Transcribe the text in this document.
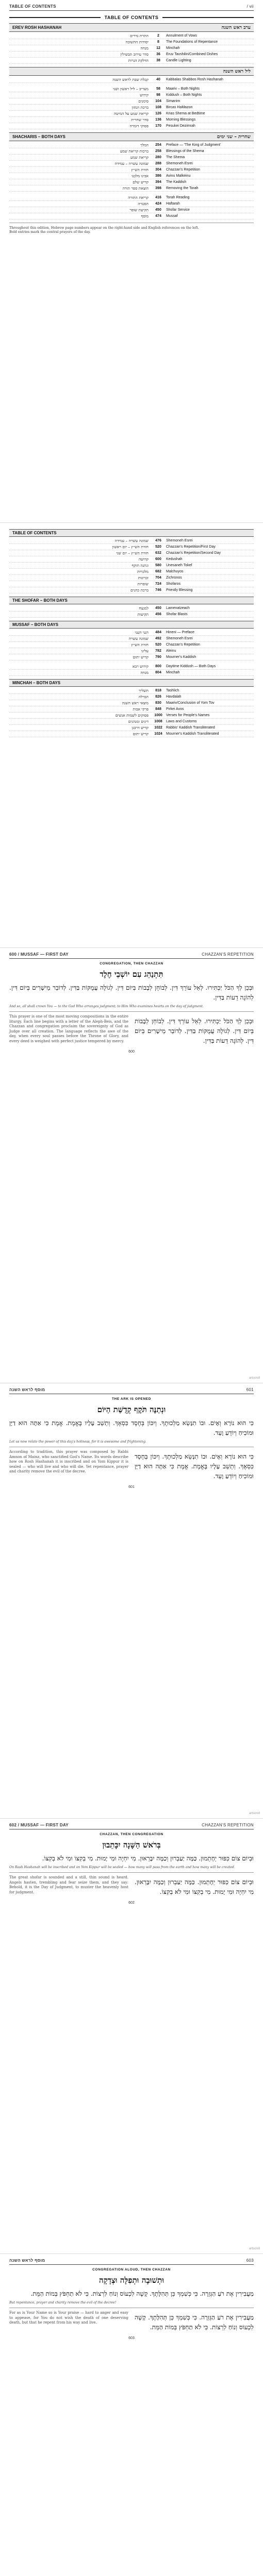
TABLE OF CONTENTS	/ vii
TABLE OF CONTENTS
EREV ROSH HASHANAH	ערב ראש השנה
התרת נדרים	2	Annulment of Vows
יסודות התשובה	8	The Foundations of Repentance
מנחה	12	Minchah
סדר עירוב תבשילין	36	Eruv Tavshilin/Combined Dishes
הדלקת הנרות	38	Candle Lighting
ליל ראש השנה
קבלת שבת לראש השנה	40	Kabbalas Shabbos Rosh Hashanah
מעריב – ליל ראשון ושני	58	Maariv – Both Nights
קידוש	98	Kiddush – Both Nights
סימנים	104	Simanim
ברכת המזון	108	Bircas HaMazon
קריאת שמע על המיטה	126	Krias Shema at Bedtime
סדר שחרית	136	Morning Blessings
פסוקי דזמרה	170	Pesukei Dezimrah
SHACHARIS – BOTH DAYS	שחרית – שני ימים
המלך	254	Preface — 'The King of Judgment'
ברכות קריאת שמע	258	Blessings of the Shema
קריאת שמע	280	The Shema
שמונה עשרה – עמידה	288	Shemoneh Esrei
חזרת הש״ץ	304	Chazzan's Repetition
אבינו מלכנו	386	Avinu Malkeinu
קדיש שלם	394	The Kaddish
הוצאת ספר תורה	398	Removing the Torah
קריאת התורה	416	Torah Reading
הפטרה	424	Haftarah
תקיעת שופר	450	Shofar Service
מוסף	474	Mussaf
Throughout this edition, Hebrew page numbers appear on the right-hand side and English references on the left.
Bold entries mark the central prayers of the day.
TABLE OF CONTENTS
שמונה עשרה – עמידה	476	Shemoneh Esrei
חזרת הש״ץ – יום ראשון	520	Chazzan's Repetition/First Day
חזרת הש״ץ – יום שני	632	Chazzan's Repetition/Second Day
קדושה	600	Kedushah
ונתנה תוקף	580	Unesaneh Tokef
מלכויות	682	Malchuyos
זכרונות	704	Zichronos
שופרות	724	Shofaros
ברכת כהנים	746	Priestly Blessing
THE SHOFAR – BOTH DAYS
למנצח	450	Lamenatzeach
תקיעות	456	Shofar Blasts
MUSSAF – BOTH DAYS
הנני העני	484	Hineni — Preface
שמונה עשרה	492	Shemoneh Esrei
חזרת הש״ץ	520	Chazzan's Repetition
עלינו	782	Aleinu
קדיש יתום	790	Mourner's Kaddish
קידוש רבא	800	Daytime Kiddush — Both Days
מנחה	804	Minchah
MINCHAH – BOTH DAYS
תשליך	818	Tashlich
הבדלה	826	Havdalah
מוצאי ראש השנה	830	Maariv/Conclusion of Yom Tov
פרקי אבות	848	Pirkei Avos
פסוקים לשמות אנשים	1000	Verses for People's Names
דינים ומנהגים	1008	Laws and Customs
קדיש דרבנן	1022	Rabbis' Kaddish Transliterated
קדיש יתום	1024	Mourner's Kaddish Transliterated
600 / MUSSAF — FIRST DAY	CHAZZAN'S REPETITION
CONGREGATION, THEN CHAZZAN
תִּתְנַהֵג עִם יוֹשְׁבֵי חֶלֶד
וּבְכֵן לְךָ הַכֹּל יַכְתִּירוּ. לְאֵל עוֹרֵךְ דִּין. לְבוֹחֵן לְבָבוֹת בְּיוֹם דִּין. לְגוֹלֶה עֲמֻקּוֹת בַּדִּין. לְדוֹבֵר מֵישָׁרִים בְּיוֹם דִּין. לְהוֹגֶה דֵעוֹת בַּדִּין.
And so, all shall crown You — to the God Who arranges judgment; to Him Who examines hearts on the day of judgment.
This prayer is one of the most moving compositions in the entire liturgy. Each line begins with a letter of the Aleph-Beis, and the Chazzan and congregation proclaim the sovereignty of God as Judge over all creation. The language reflects the awe of the day, when every soul passes before the Throne of Glory, and every deed is weighed with perfect justice tempered by mercy.
וּבְכֵן לְךָ הַכֹּל יַכְתִּירוּ. לְאֵל עוֹרֵךְ דִּין. לְבוֹחֵן לְבָבוֹת בְּיוֹם דִּין. לְגוֹלֶה עֲמֻקּוֹת בַּדִּין. לְדוֹבֵר מֵישָׁרִים בְּיוֹם דִּין. לְהוֹגֶה דֵעוֹת בַּדִּין.
600
artscroll
מוסף לראש השנה	601
THE ARK IS OPENED
וּנְתַנֶּה תֹּקֶף קְדֻשַּׁת הַיּוֹם
כִּי הוּא נוֹרָא וְאָיֹם. וּבוֹ תִנָּשֵׂא מַלְכוּתֶךָ. וְיִכּוֹן בְּחֶסֶד כִּסְאֶךָ. וְתֵשֵׁב עָלָיו בֶּאֱמֶת. אֱמֶת כִּי אַתָּה הוּא דַיָּן וּמוֹכִיחַ וְיוֹדֵעַ וָעֵד.
Let us now relate the power of this day's holiness, for it is awesome and frightening.
According to tradition, this prayer was composed by Rabbi Amnon of Mainz, who sanctified God's Name. Its words describe how on Rosh Hashanah it is inscribed and on Yom Kippur it is sealed — who will live and who will die. Yet repentance, prayer and charity remove the evil of the decree.
כִּי הוּא נוֹרָא וְאָיֹם. וּבוֹ תִנָּשֵׂא מַלְכוּתֶךָ. וְיִכּוֹן בְּחֶסֶד כִּסְאֶךָ. וְתֵשֵׁב עָלָיו בֶּאֱמֶת. אֱמֶת כִּי אַתָּה הוּא דַיָּן וּמוֹכִיחַ וְיוֹדֵעַ וָעֵד.
601
artscroll
602 / MUSSAF — FIRST DAY	CHAZZAN'S REPETITION
CHAZZAN, THEN CONGREGATION
בְּרֹאשׁ הַשָּׁנָה יִכָּתֵבוּן
וּבְיוֹם צוֹם כִּפּוּר יֵחָתֵמוּן. כַּמָּה יַעַבְרוּן וְכַמָּה יִבָּרֵאוּן. מִי יִחְיֶה וּמִי יָמוּת. מִי בְקִצּוֹ וּמִי לֹא בְקִצּוֹ.
On Rosh Hashanah will be inscribed and on Yom Kippur will be sealed — how many will pass from the earth and how many will be created.
The great shofar is sounded and a still, thin sound is heard. Angels hasten, trembling and fear seize them, and they say: Behold, it is the Day of Judgment, to muster the heavenly host for judgment.
וּבְיוֹם צוֹם כִּפּוּר יֵחָתֵמוּן. כַּמָּה יַעַבְרוּן וְכַמָּה יִבָּרֵאוּן. מִי יִחְיֶה וּמִי יָמוּת. מִי בְקִצּוֹ וּמִי לֹא בְקִצּוֹ.
602
artscroll
מוסף לראש השנה	603
CONGREGATION ALOUD, THEN CHAZZAN
וּתְשׁוּבָה וּתְפִלָּה וּצְדָקָה
מַעֲבִירִין אֶת רֹעַ הַגְּזֵרָה. כִּי כְּשִׁמְךָ כֵּן תְּהִלָּתֶךָ. קָשֶׁה לִכְעוֹס וְנוֹחַ לִרְצוֹת. כִּי לֹא תַחְפֹּץ בְּמוֹת הַמֵּת.
But repentance, prayer and charity remove the evil of the decree!
For as is Your Name so is Your praise — hard to anger and easy to appease, for You do not wish the death of one deserving death, but that he repent from his way and live.
מַעֲבִירִין אֶת רֹעַ הַגְּזֵרָה. כִּי כְּשִׁמְךָ כֵּן תְּהִלָּתֶךָ. קָשֶׁה לִכְעוֹס וְנוֹחַ לִרְצוֹת. כִּי לֹא תַחְפֹּץ בְּמוֹת הַמֵּת.
603
